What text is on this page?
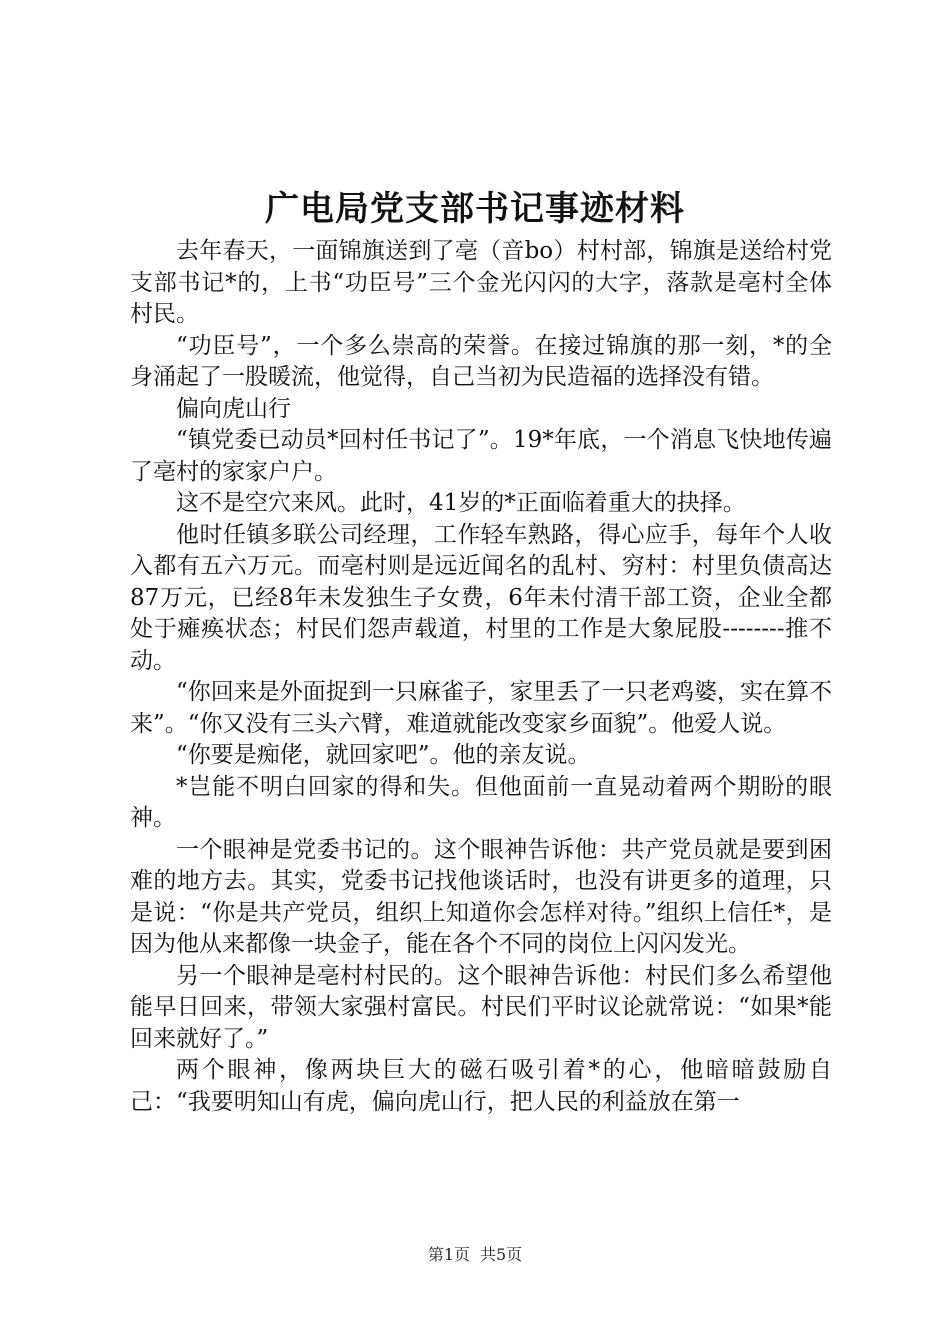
广电局党支部书记事迹材料

去年春天，一面锦旗送到了亳（音bo）村村部，锦旗是送给村党支部书记*的，上书“功臣号”三个金光闪闪的大字，落款是亳村全体村民。

“功臣号”，一个多么崇高的荣誉。在接过锦旗的那一刻，*的全身涌起了一股暖流，他觉得，自己当初为民造福的选择没有错。

偏向虎山行

“镇党委已动员*回村任书记了”。19*年底，一个消息飞快地传遍了亳村的家家户户。

这不是空穴来风。此时，41岁的*正面临着重大的抉择。

他时任镇多联公司经理，工作轻车熟路，得心应手，每年个人收入都有五六万元。而亳村则是远近闻名的乱村、穷村：村里负债高达87万元，已经8年未发独生子女费，6年未付清干部工资，企业全都处于瘫痪状态；村民们怨声载道，村里的工作是大象屁股--------推不动。

“你回来是外面捉到一只麻雀子，家里丢了一只老鸡婆，实在算不来”。“你又没有三头六臂，难道就能改变家乡面貌”。他爱人说。

“你要是痴佬，就回家吧”。他的亲友说。

*岂能不明白回家的得和失。但他面前一直晃动着两个期盼的眼神。

一个眼神是党委书记的。这个眼神告诉他：共产党员就是要到困难的地方去。其实，党委书记找他谈话时，也没有讲更多的道理，只是说：“你是共产党员，组织上知道你会怎样对待。”组织上信任*，是因为他从来都像一块金子，能在各个不同的岗位上闪闪发光。

另一个眼神是亳村村民的。这个眼神告诉他：村民们多么希望他能早日回来，带领大家强村富民。村民们平时议论就常说：“如果*能回来就好了。”

两个眼神，像两块巨大的磁石吸引着*的心，他暗暗鼓励自己：“我要明知山有虎，偏向虎山行，把人民的利益放在第一

第1页 共5页
